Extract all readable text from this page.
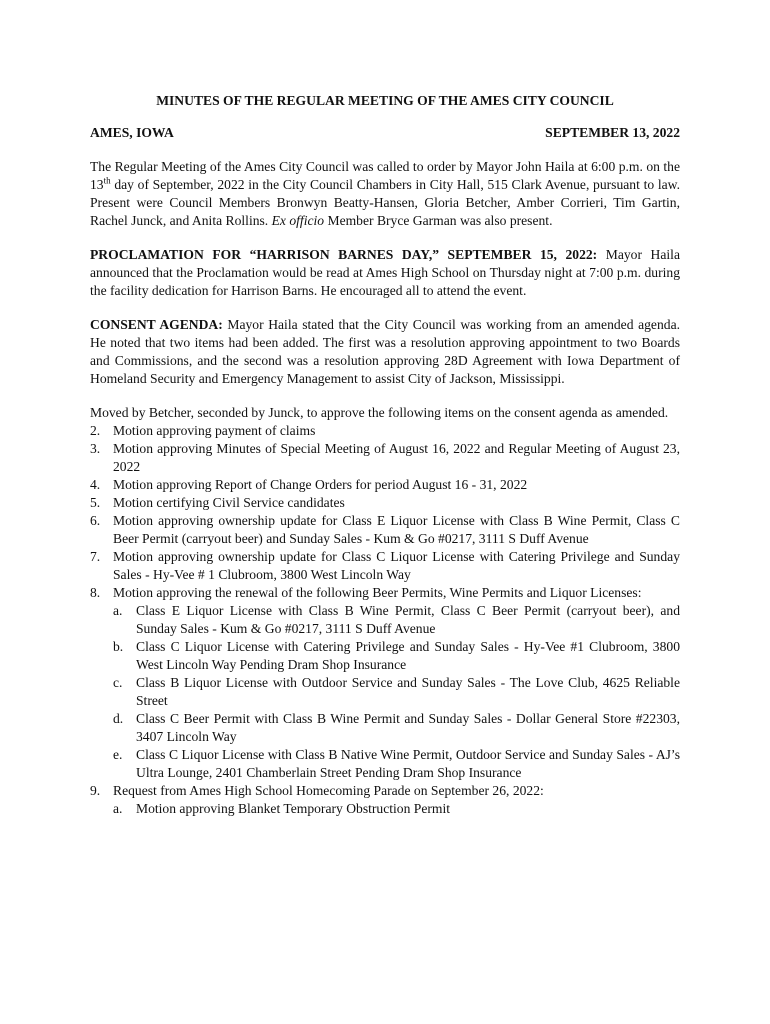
MINUTES OF THE REGULAR MEETING OF THE AMES CITY COUNCIL
AMES, IOWA	SEPTEMBER 13, 2022

The Regular Meeting of the Ames City Council was called to order by Mayor John Haila at 6:00 p.m. on the 13th day of September, 2022 in the City Council Chambers in City Hall, 515 Clark Avenue, pursuant to law. Present were Council Members Bronwyn Beatty-Hansen, Gloria Betcher, Amber Corrieri, Tim Gartin, Rachel Junck, and Anita Rollins. Ex officio Member Bryce Garman was also present.

PROCLAMATION FOR “HARRISON BARNES DAY,” SEPTEMBER 15, 2022: Mayor Haila announced that the Proclamation would be read at Ames High School on Thursday night at 7:00 p.m. during the facility dedication for Harrison Barns. He encouraged all to attend the event.

CONSENT AGENDA: Mayor Haila stated that the City Council was working from an amended agenda. He noted that two items had been added. The first was a resolution approving appointment to two Boards and Commissions, and the second was a resolution approving 28D Agreement with Iowa Department of Homeland Security and Emergency Management to assist City of Jackson, Mississippi.

Moved by Betcher, seconded by Junck, to approve the following items on the consent agenda as amended.
2. Motion approving payment of claims
3. Motion approving Minutes of Special Meeting of August 16, 2022 and Regular Meeting of August 23, 2022
4. Motion approving Report of Change Orders for period August 16 - 31, 2022
5. Motion certifying Civil Service candidates
6. Motion approving ownership update for Class E Liquor License with Class B Wine Permit, Class C Beer Permit (carryout beer) and Sunday Sales - Kum & Go #0217, 3111 S Duff Avenue
7. Motion approving ownership update for Class C Liquor License with Catering Privilege and Sunday Sales - Hy-Vee # 1 Clubroom, 3800 West Lincoln Way
8. Motion approving the renewal of the following Beer Permits, Wine Permits and Liquor Licenses:
a. Class E Liquor License with Class B Wine Permit, Class C Beer Permit (carryout beer), and Sunday Sales - Kum & Go #0217, 3111 S Duff Avenue
b. Class C Liquor License with Catering Privilege and Sunday Sales - Hy-Vee #1 Clubroom, 3800 West Lincoln Way Pending Dram Shop Insurance
c. Class B Liquor License with Outdoor Service and Sunday Sales - The Love Club, 4625 Reliable Street
d. Class C Beer Permit with Class B Wine Permit and Sunday Sales - Dollar General Store #22303, 3407 Lincoln Way
e. Class C Liquor License with Class B Native Wine Permit, Outdoor Service and Sunday Sales - AJ’s Ultra Lounge, 2401 Chamberlain Street Pending Dram Shop Insurance
9. Request from Ames High School Homecoming Parade on September 26, 2022:
a. Motion approving Blanket Temporary Obstruction Permit
